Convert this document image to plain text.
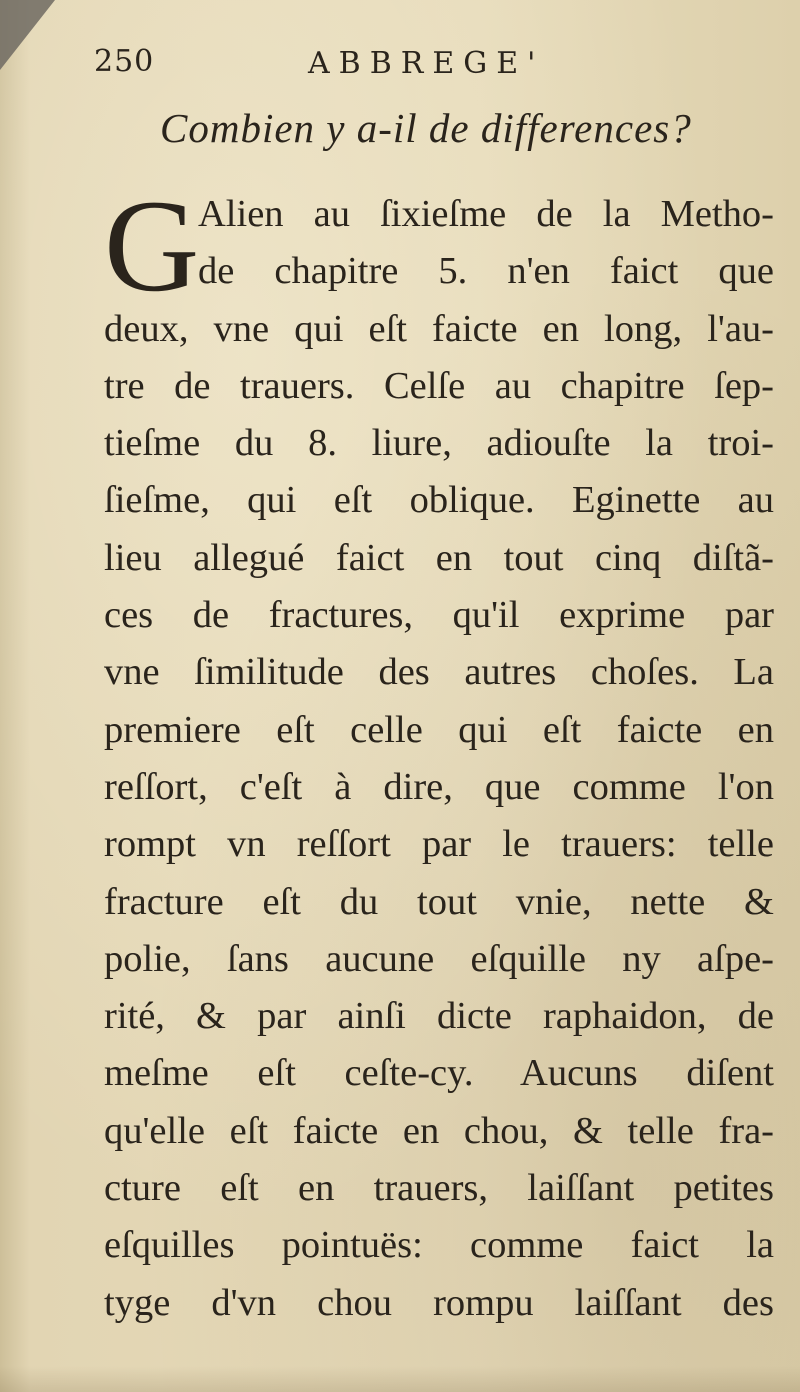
250	ABBREGE'
Combien y a-il de differences?
G
Alien au ſixieſme de la Metho-
de chapitre 5. n'en faict que
deux, vne qui eſt faicte en long, l'au-
tre de trauers. Celſe au chapitre ſep-
tieſme du 8. liure, adiouſte la troi-
ſieſme, qui eſt oblique. Eginette au
lieu allegué faict en tout cinq diſtã-
ces de fractures, qu'il exprime par
vne ſimilitude des autres choſes. La
premiere eſt celle qui eſt faicte en
reſſort, c'eſt à dire, que comme l'on
rompt vn reſſort par le trauers: telle
fracture eſt du tout vnie, nette &
polie, ſans aucune eſquille ny aſpe-
rité, & par ainſi dicte raphaidon, de
meſme eſt ceſte-cy. Aucuns diſent
qu'elle eſt faicte en chou, & telle fra-
cture eſt en trauers, laiſſant petites
eſquilles pointuës: comme faict la
tyge d'vn chou rompu laiſſant des
